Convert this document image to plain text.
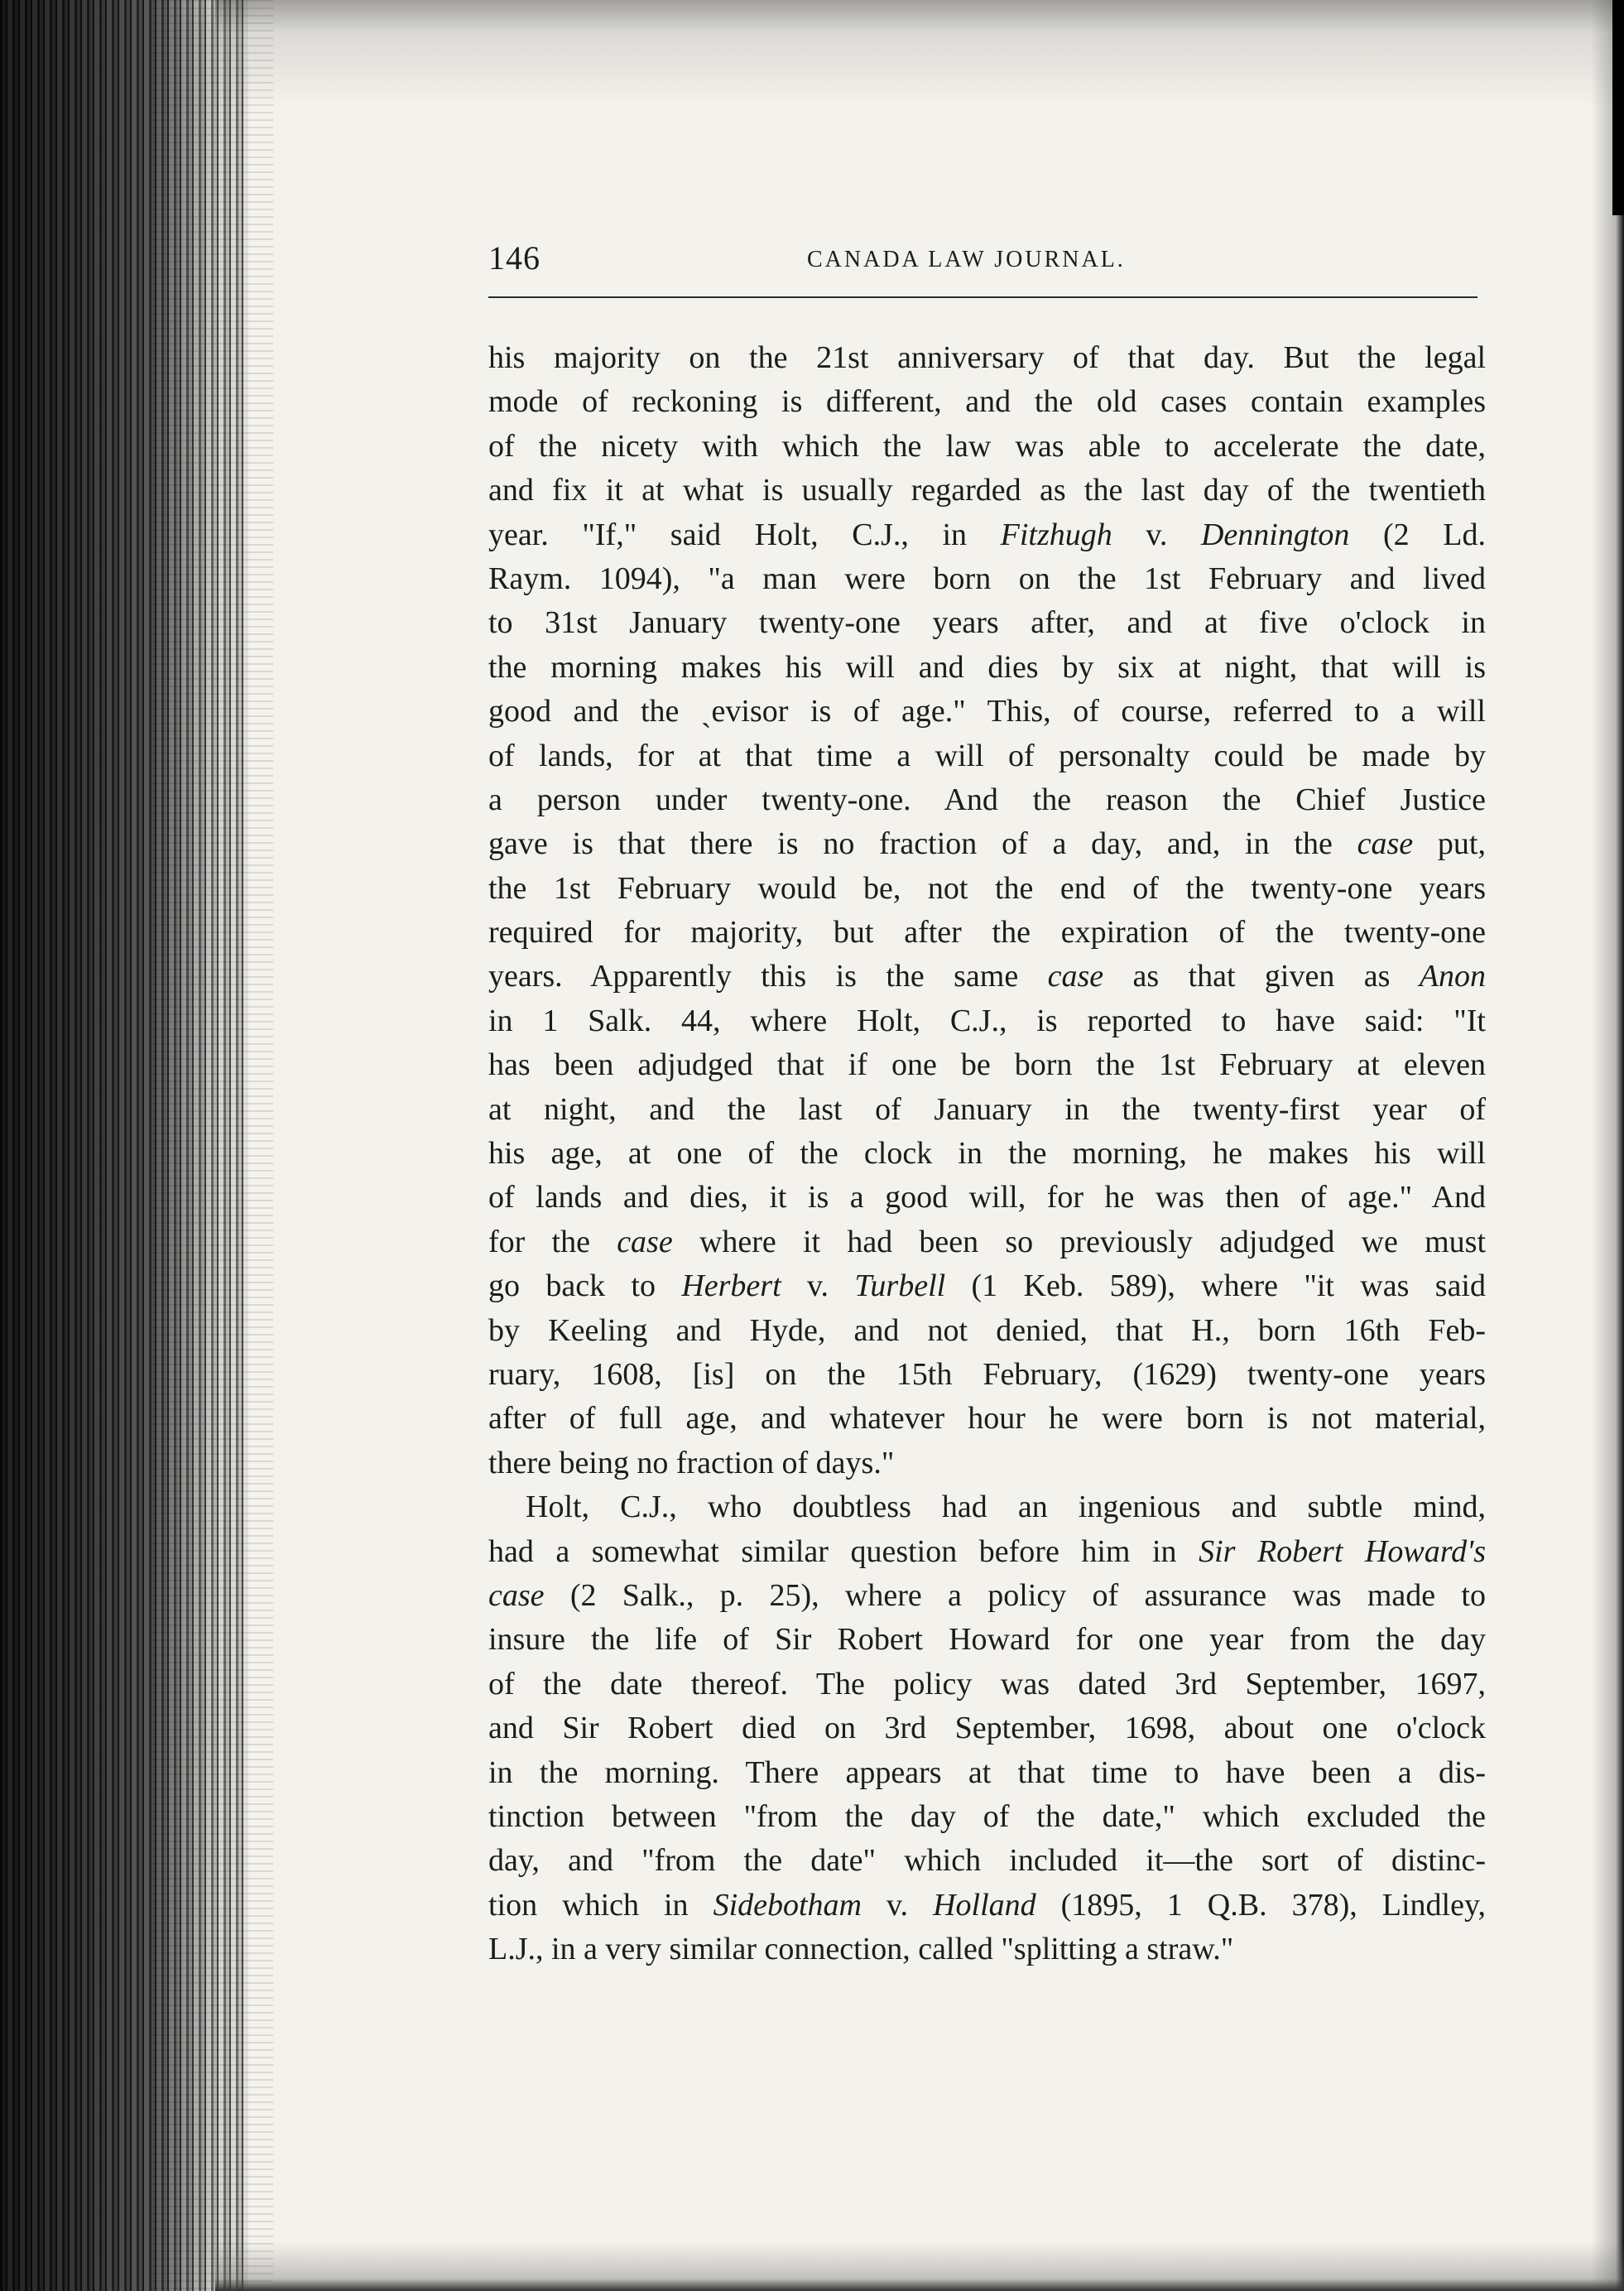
146	CANADA LAW JOURNAL.
his majority on the 21st anniversary of that day. But the legal
mode of reckoning is different, and the old cases contain examples
of the nicety with which the law was able to accelerate the date,
and fix it at what is usually regarded as the last day of the twentieth
year. "If," said Holt, C.J., in Fitzhugh v. Dennington (2 Ld.
Raym. 1094), "a man were born on the 1st February and lived
to 31st January twenty-one years after, and at five o'clock in
the morning makes his will and dies by six at night, that will is
good and the ˏevisor is of age." This, of course, referred to a will
of lands, for at that time a will of personalty could be made by
a person under twenty-one. And the reason the Chief Justice
gave is that there is no fraction of a day, and, in the case put,
the 1st February would be, not the end of the twenty-one years
required for majority, but after the expiration of the twenty-one
years. Apparently this is the same case as that given as Anon
in 1 Salk. 44, where Holt, C.J., is reported to have said: "It
has been adjudged that if one be born the 1st February at eleven
at night, and the last of January in the twenty-first year of
his age, at one of the clock in the morning, he makes his will
of lands and dies, it is a good will, for he was then of age." And
for the case where it had been so previously adjudged we must
go back to Herbert v. Turbell (1 Keb. 589), where "it was said
by Keeling and Hyde, and not denied, that H., born 16th Feb-
ruary, 1608, [is] on the 15th February, (1629) twenty-one years
after of full age, and whatever hour he were born is not material,
there being no fraction of days."
Holt, C.J., who doubtless had an ingenious and subtle mind,
had a somewhat similar question before him in Sir Robert Howard's
case (2 Salk., p. 25), where a policy of assurance was made to
insure the life of Sir Robert Howard for one year from the day
of the date thereof. The policy was dated 3rd September, 1697,
and Sir Robert died on 3rd September, 1698, about one o'clock
in the morning. There appears at that time to have been a dis-
tinction between "from the day of the date," which excluded the
day, and "from the date" which included it—the sort of distinc-
tion which in Sidebotham v. Holland (1895, 1 Q.B. 378), Lindley,
L.J., in a very similar connection, called "splitting a straw."
